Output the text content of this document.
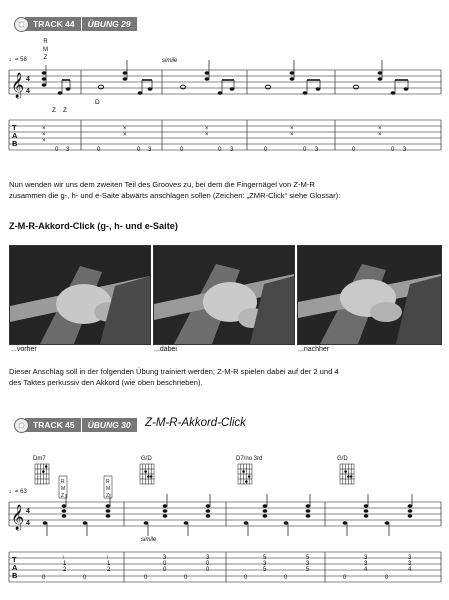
TRACK 44	ÜBUNG 29
R
M
Z
♩= 58	simile
𝄞 4
4
D
Z Z
×
×
×
0 3	0
×
×
0 3	0
×
×
0 3	0
×
×
0 3	0
×
×
0 3
T
A
B
Nun wenden wir uns dem zweiten Teil des Grooves zu, bei dem die Fingernägel von Z-M-R
zusammen die g-, h- und e-Saite abwärts anschlagen sollen (Zeichen: „ZMR-Click“ siehe Glossar):
Z-M-R-Akkord-Click (g-, h- und e-Saite)
...vorher	...dabei	...nachher
Dieser Anschlag soll in der folgenden Übung trainiert werden; Z-M-R spielen dabei auf der 2 und 4
des Taktes perkussiv den Akkord (wie oben beschrieben).
TRACK 45	ÜBUNG 30	Z-M-R-Akkord-Click
Dm7	G/D	D7/no 3rd	G/D
♩= 63
simile
R
M
Z
R
M
Z
𝄞 4
4
↑
1
2
0	0
↑
1
2
0	0
3
0
0
3
0
0
0	0
5
3
5
5
3
5
0	0
3
3
4
3
3
4
T
A
B
